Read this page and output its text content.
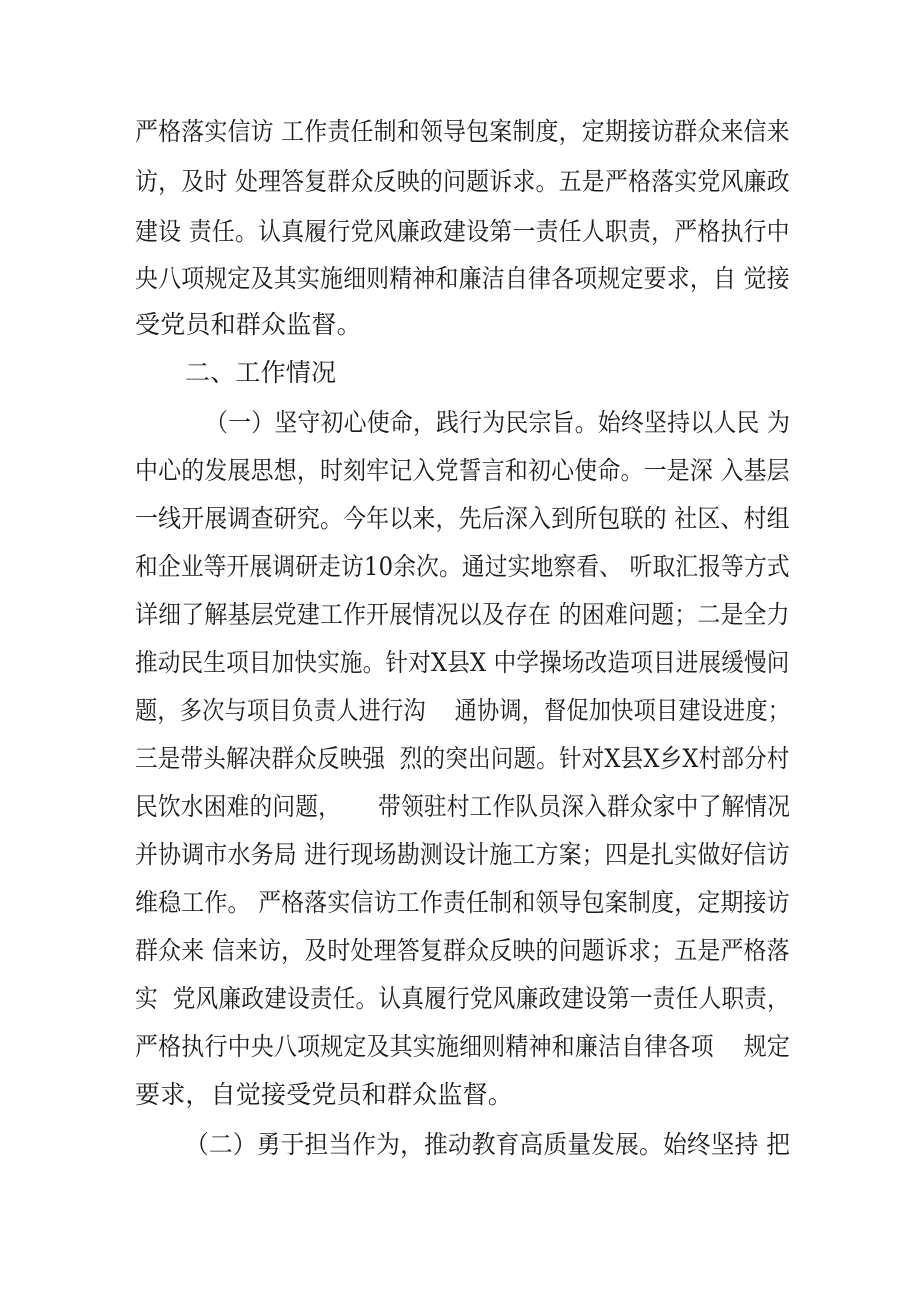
严格落实信访 工作责任制和领导包案制度，定期接访群众来信来

访，及时 处理答复群众反映的问题诉求。五是严格落实党风廉政

建设 责任。认真履行党风廉政建设第一责任人职责，严格执行中

央八项规定及其实施细则精神和廉洁自律各项规定要求，自 觉接

受党员和群众监督。

二、工作情况

（一）坚守初心使命，践行为民宗旨。始终坚持以人民 为

中心的发展思想，时刻牢记入党誓言和初心使命。一是深 入基层

一线开展调查研究。今年以来，先后深入到所包联的 社区、村组

和企业等开展调研走访10余次。通过实地察看、 听取汇报等方式

详细了解基层党建工作开展情况以及存在 的困难问题；二是全力

推动民生项目加快实施。针对X县X 中学操场改造项目进展缓慢问

题，多次与项目负责人进行沟    通协调，督促加快项目建设进度；

三是带头解决群众反映强  烈的突出问题。针对X县X乡X村部分村

民饮水困难的问题，     带领驻村工作队员深入群众家中了解情况

并协调市水务局 进行现场勘测设计施工方案；四是扎实做好信访

维稳工作。 严格落实信访工作责任制和领导包案制度，定期接访

群众来 信来访，及时处理答复群众反映的问题诉求；五是严格落

实  党风廉政建设责任。认真履行党风廉政建设第一责任人职责，

严格执行中央八项规定及其实施细则精神和廉洁自律各项    规定

要求，自觉接受党员和群众监督。

（二）勇于担当作为，推动教育高质量发展。始终坚持 把
